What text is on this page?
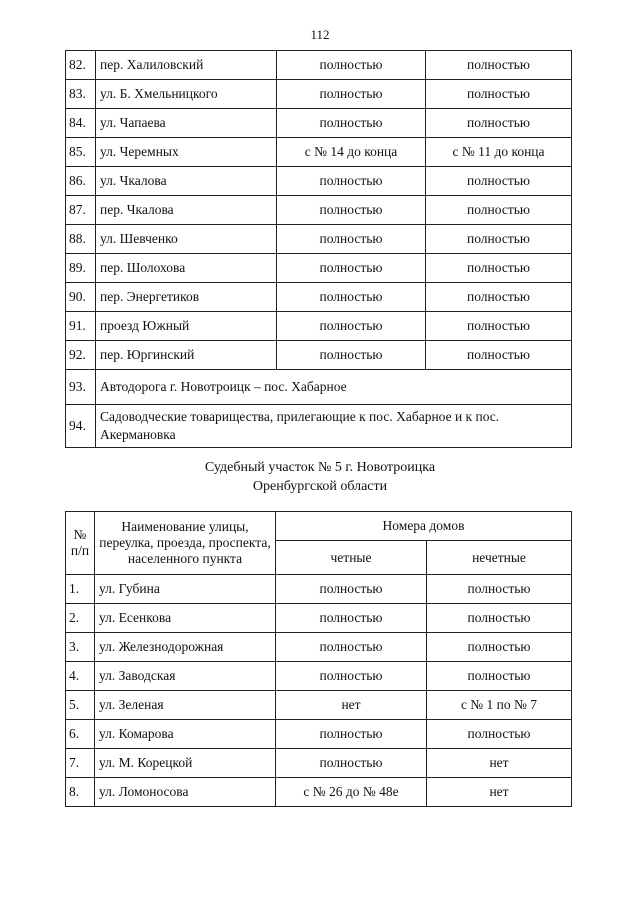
112
82.	пер. Халиловский	полностью	полностью
83.	ул. Б. Хмельницкого	полностью	полностью
84.	ул. Чапаева	полностью	полностью
85.	ул. Черемных	с № 14 до конца	с № 11 до конца
86.	ул. Чкалова	полностью	полностью
87.	пер. Чкалова	полностью	полностью
88.	ул. Шевченко	полностью	полностью
89.	пер. Шолохова	полностью	полностью
90.	пер. Энергетиков	полностью	полностью
91.	проезд Южный	полностью	полностью
92.	пер. Юргинский	полностью	полностью
93.	Автодорога г. Новотроицк – пос. Хабарное		
94.	Садоводческие товарищества, прилегающие к пос. Хабарное и к пос. Акермановка		
Судебный участок № 5 г. Новотроицка
Оренбургской области
№ п/п	Наименование улицы, переулка, проезда, проспекта, населенного пункта	Номера домов	
		четные	нечетные
1.	ул. Губина	полностью	полностью
2.	ул. Есенкова	полностью	полностью
3.	ул. Железнодорожная	полностью	полностью
4.	ул. Заводская	полностью	полностью
5.	ул. Зеленая	нет	с № 1 по № 7
6.	ул. Комарова	полностью	полностью
7.	ул. М. Корецкой	полностью	нет
8.	ул. Ломоносова	с № 26 до № 48е	нет
